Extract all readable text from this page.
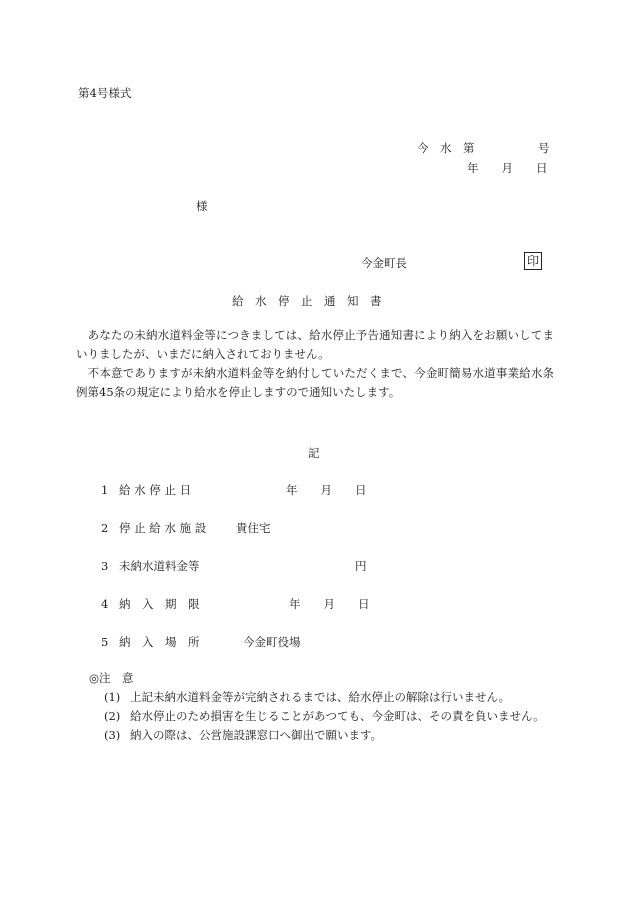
第4号様式
今　水　第	号
年　　月　　日
様
今金町長	印
給　水　停　止　通　知　書
　あなたの未納水道料金等につきましては、給水停止予告通知書により納入をお願いしてまいりましたが、いまだに納入されておりません。
　不本意でありますが未納水道料金等を納付していただくまで、今金町簡易水道事業給水条例第45条の規定により給水を停止しますので通知いたします。
記
1 給 水 停 止 日	年　　月　　日
2 停 止 給 水 施 設	貴住宅
3 未納水道料金等	円
4 納　入　期　限	年　　月　　日
5 納　入　場　所	今金町役場
◎注　意
(1) 上記未納水道料金等が完納されるまでは、給水停止の解除は行いません。
(2) 給水停止のため損害を生じることがあつても、今金町は、その責を負いません。
(3) 納入の際は、公営施設課窓口へ御出で願います。
